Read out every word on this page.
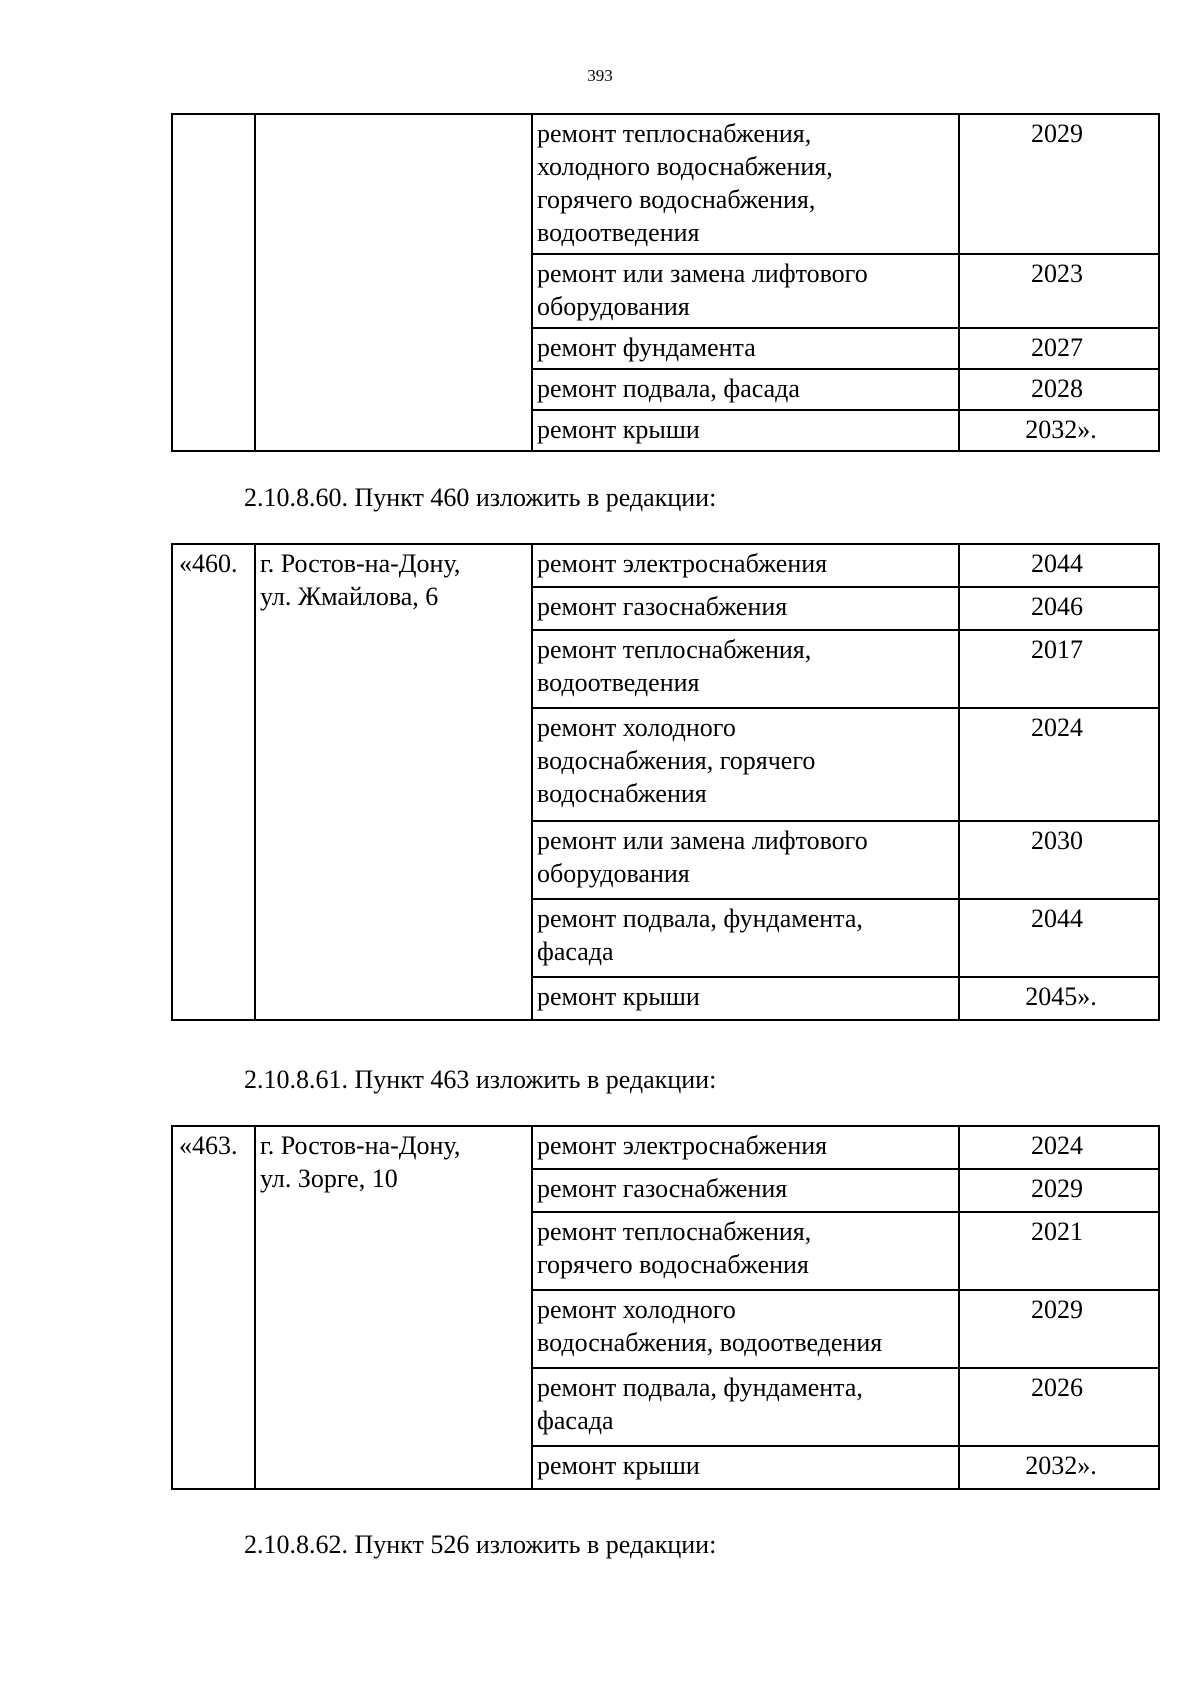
393
		ремонт теплоснабжения,
холодного водоснабжения,
горячего водоснабжения,
водоотведения	2029
		ремонт или замена лифтового
оборудования	2023
		ремонт фундамента	2027
		ремонт подвала, фасада	2028
		ремонт крыши	2032».
2.10.8.60. Пункт 460 изложить в редакции:
«460.	г. Ростов-на-Дону,
ул. Жмайлова, 6	ремонт электроснабжения	2044
		ремонт газоснабжения	2046
		ремонт теплоснабжения,
водоотведения	2017
		ремонт холодного
водоснабжения, горячего
водоснабжения	2024
		ремонт или замена лифтового
оборудования	2030
		ремонт подвала, фундамента,
фасада	2044
		ремонт крыши	2045».
2.10.8.61. Пункт 463 изложить в редакции:
«463.	г. Ростов-на-Дону,
ул. Зорге, 10	ремонт электроснабжения	2024
		ремонт газоснабжения	2029
		ремонт теплоснабжения,
горячего водоснабжения	2021
		ремонт холодного
водоснабжения, водоотведения	2029
		ремонт подвала, фундамента,
фасада	2026
		ремонт крыши	2032».
2.10.8.62. Пункт 526 изложить в редакции:
